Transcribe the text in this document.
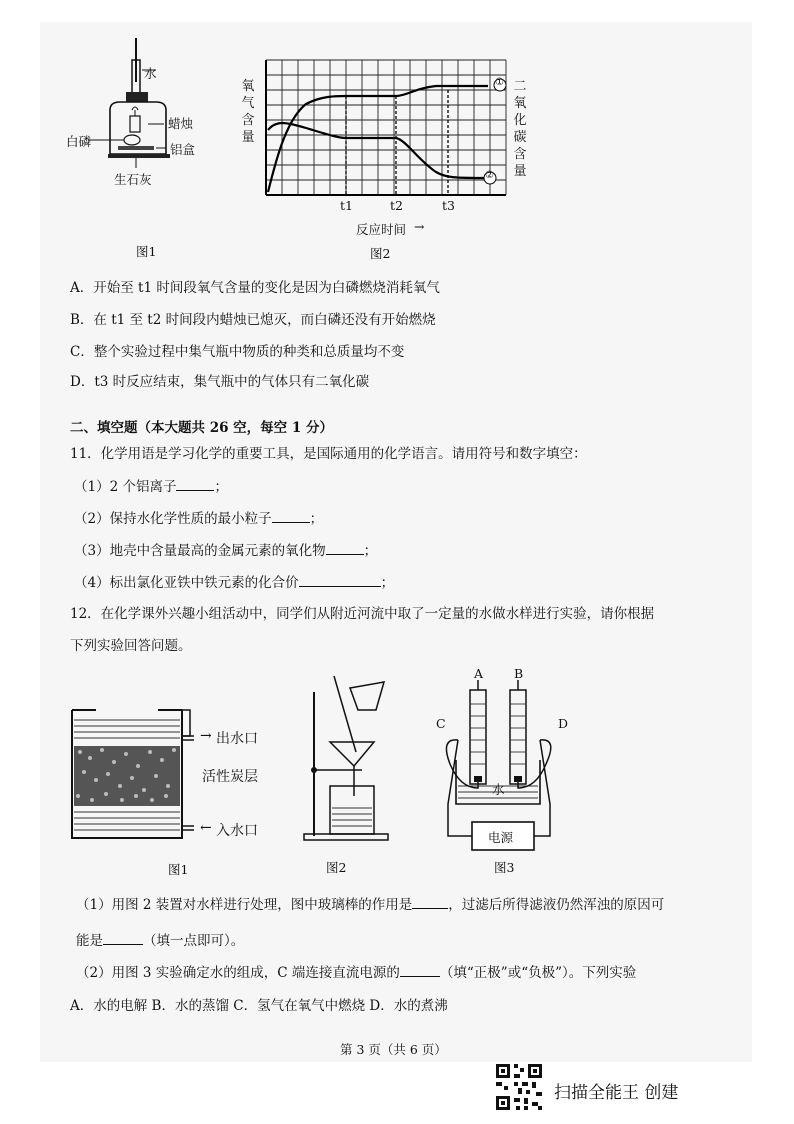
水
蜡烛
白磷
铝盒
生石灰
图1
氧气含量
①
②
二氧化碳含量
t1	t2	t3
反应时间 →
图2
A．开始至 t1 时间段氧气含量的变化是因为白磷燃烧消耗氧气
B．在 t1 至 t2 时间段内蜡烛已熄灭，而白磷还没有开始燃烧
C．整个实验过程中集气瓶中物质的种类和总质量均不变
D．t3 时反应结束，集气瓶中的气体只有二氧化碳
二、填空题（本大题共 26 空，每空 1 分）
11．化学用语是学习化学的重要工具，是国际通用的化学语言。请用符号和数字填空：
（1）2 个铝离子	；
（2）保持水化学性质的最小粒子	；
（3）地壳中含量最高的金属元素的氧化物	；
（4）标出氯化亚铁中铁元素的化合价	；
12．在化学课外兴趣小组活动中，同学们从附近河流中取了一定量的水做水样进行实验，请你根据
下列实验回答问题。
→ 出水口
活性炭层
← 入水口
图1	图2
A B
C	D
水
电源
图3
（1）用图 2 装置对水样进行处理，图中玻璃棒的作用是	，过滤后所得滤液仍然浑浊的原因可
能是	（填一点即可）。
（2）用图 3 实验确定水的组成，C 端连接直流电源的	（填“正极”或“负极”）。下列实验
A．水的电解 B．水的蒸馏 C．氢气在氧气中燃烧 D．水的煮沸
第 3 页（共 6 页）
扫描全能王 创建
